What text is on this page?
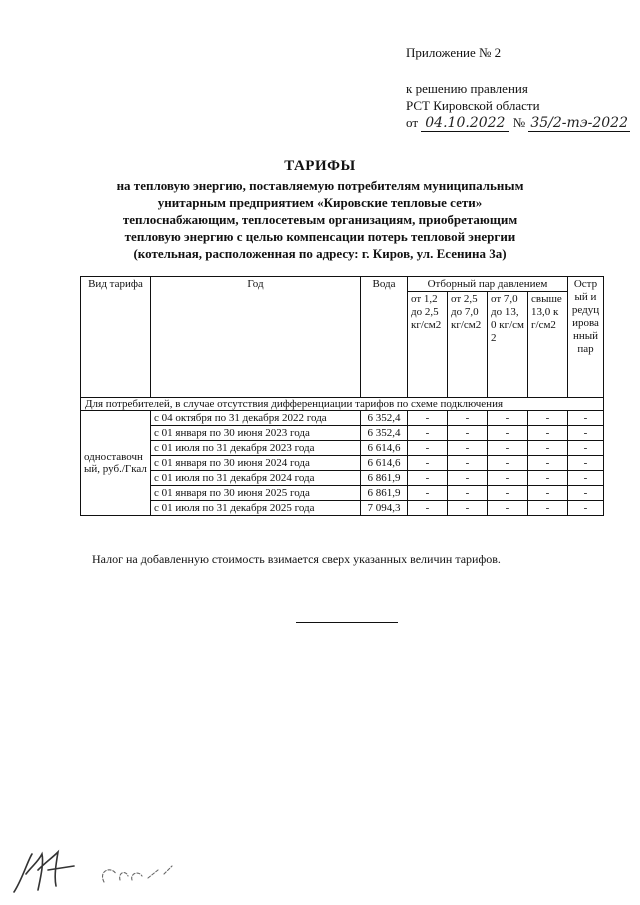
Приложение № 2
к решению правления
РСТ Кировской области
от 04.10.2022 № 35/2-тэ-2022
ТАРИФЫ
на тепловую энергию, поставляемую потребителям муниципальным
унитарным предприятием «Кировские тепловые сети»
теплоснабжающим, теплосетевым организациям, приобретающим
тепловую энергию с целью компенсации потерь тепловой энергии
(котельная, расположенная по адресу: г. Киров, ул. Есенина 3а)
Вид тарифа	Год	Вода	Отборный пар давлением				Острый и редуцированный пар
			от 1,2 до 2,5 кг/см2	от 2,5 до 7,0 кг/см2	от 7,0 до 13,0 кг/см2	свыше 13,0 кг/см2	
Для потребителей, в случае отсутствия дифференциации тарифов по схеме подключения							
одноставочный, руб./Гкал	с 04 октября по 31 декабря 2022 года	6 352,4	-	-	-	-	-
	с 01 января по 30 июня 2023 года	6 352,4	-	-	-	-	-
	с 01 июля по 31 декабря 2023 года	6 614,6	-	-	-	-	-
	с 01 января по 30 июня 2024 года	6 614,6	-	-	-	-	-
	с 01 июля по 31 декабря 2024 года	6 861,9	-	-	-	-	-
	с 01 января по 30 июня 2025 года	6 861,9	-	-	-	-	-
	с 01 июля по 31 декабря 2025 года	7 094,3	-	-	-	-	-
Налог на добавленную стоимость взимается сверх указанных величин тарифов.
